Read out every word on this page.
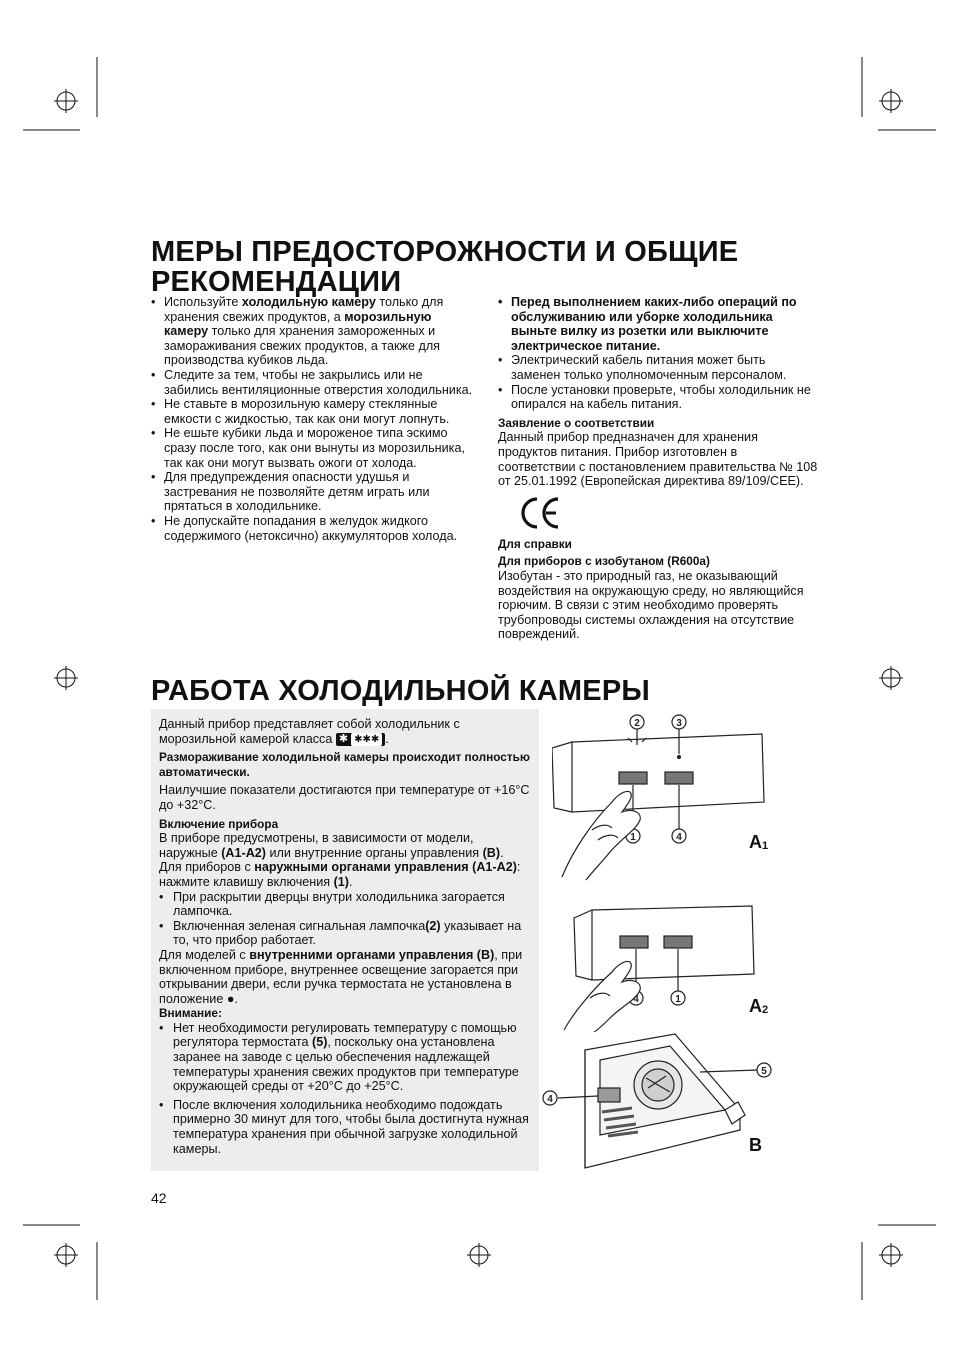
МЕРЫ ПРЕДОСТОРОЖНОСТИ И ОБЩИЕ
РЕКОМЕНДАЦИИ
• Используйте холодильную камеру только для хранения свежих продуктов, а морозильную камеру только для хранения замороженных и замораживания свежих продуктов, а также для производства кубиков льда.
• Следите за тем, чтобы не закрылись или не забились вентиляционные отверстия холодильника.
• Не ставьте в морозильную камеру стеклянные емкости с жидкостью, так как они могут лопнуть.
• Не ешьте кубики льда и мороженое типа эскимо сразу после того, как они вынуты из морозильника, так как они могут вызвать ожоги от холода.
• Для предупреждения опасности удушья и застревания не позволяйте детям играть или прятаться в холодильнике.
• Не допускайте попадания в желудок жидкого содержимого (нетоксично) аккумуляторов холода.
• Перед выполнением каких-либо операций по обслуживанию или уборке холодильника выньте вилку из розетки или выключите электрическое питание.
• Электрический кабель питания может быть заменен только уполномоченным персоналом.
• После установки проверьте, чтобы холодильник не опирался на кабель питания.

Заявление о соответствии

Данный прибор предназначен для хранения продуктов питания. Прибор изготовлен в соответствии с постановлением правительства № 108 от 25.01.1992 (Европейская директива 89/109/CEE).

Для справки

Для приборов с изобутаном (R600a)

Изобутан - это природный газ, не оказывающий воздействия на окружающую среду, но являющийся горючим. В связи с этим необходимо проверять трубопроводы системы охлаждения на отсутствие повреждений.

РАБОТА ХОЛОДИЛЬНОЙ КАМЕРЫ

Данный прибор представляет собой холодильник с морозильной камерой класса ✱ ✱✱✱ .

Размораживание холодильной камеры происходит полностью автоматически.

Наилучшие показатели достигаются при температуре от +16°С до +32°С.

Включение прибора

В приборе предусмотрены, в зависимости от модели, наружные (А1-А2) или внутренние органы управления (В).

Для приборов с наружными органами управления (А1-А2): нажмите клавишу включения (1).

• При раскрытии дверцы внутри холодильника загорается лампочка.
• Включенная зеленая сигнальная лампочка(2) указывает на то, что прибор работает.

Для моделей с внутренними органами управления (В), при включенном приборе, внутреннее освещение загорается при открывании двери, если ручка термостата не установлена в положение ●.

Внимание:

• Нет необходимости регулировать температуру с помощью регулятора термостата (5), поскольку она установлена заранее на заводе с целью обеспечения надлежащей температуры хранения свежих продуктов при температуре окружающей среды от +20°С до +25°С.
• После включения холодильника необходимо подождать примерно 30 минут для того, чтобы была достигнута нужная температура хранения при обычной загрузке холодильной камеры.
2	3
1	4	$А_1$
4	1	$А_2$
4
5
В
42
